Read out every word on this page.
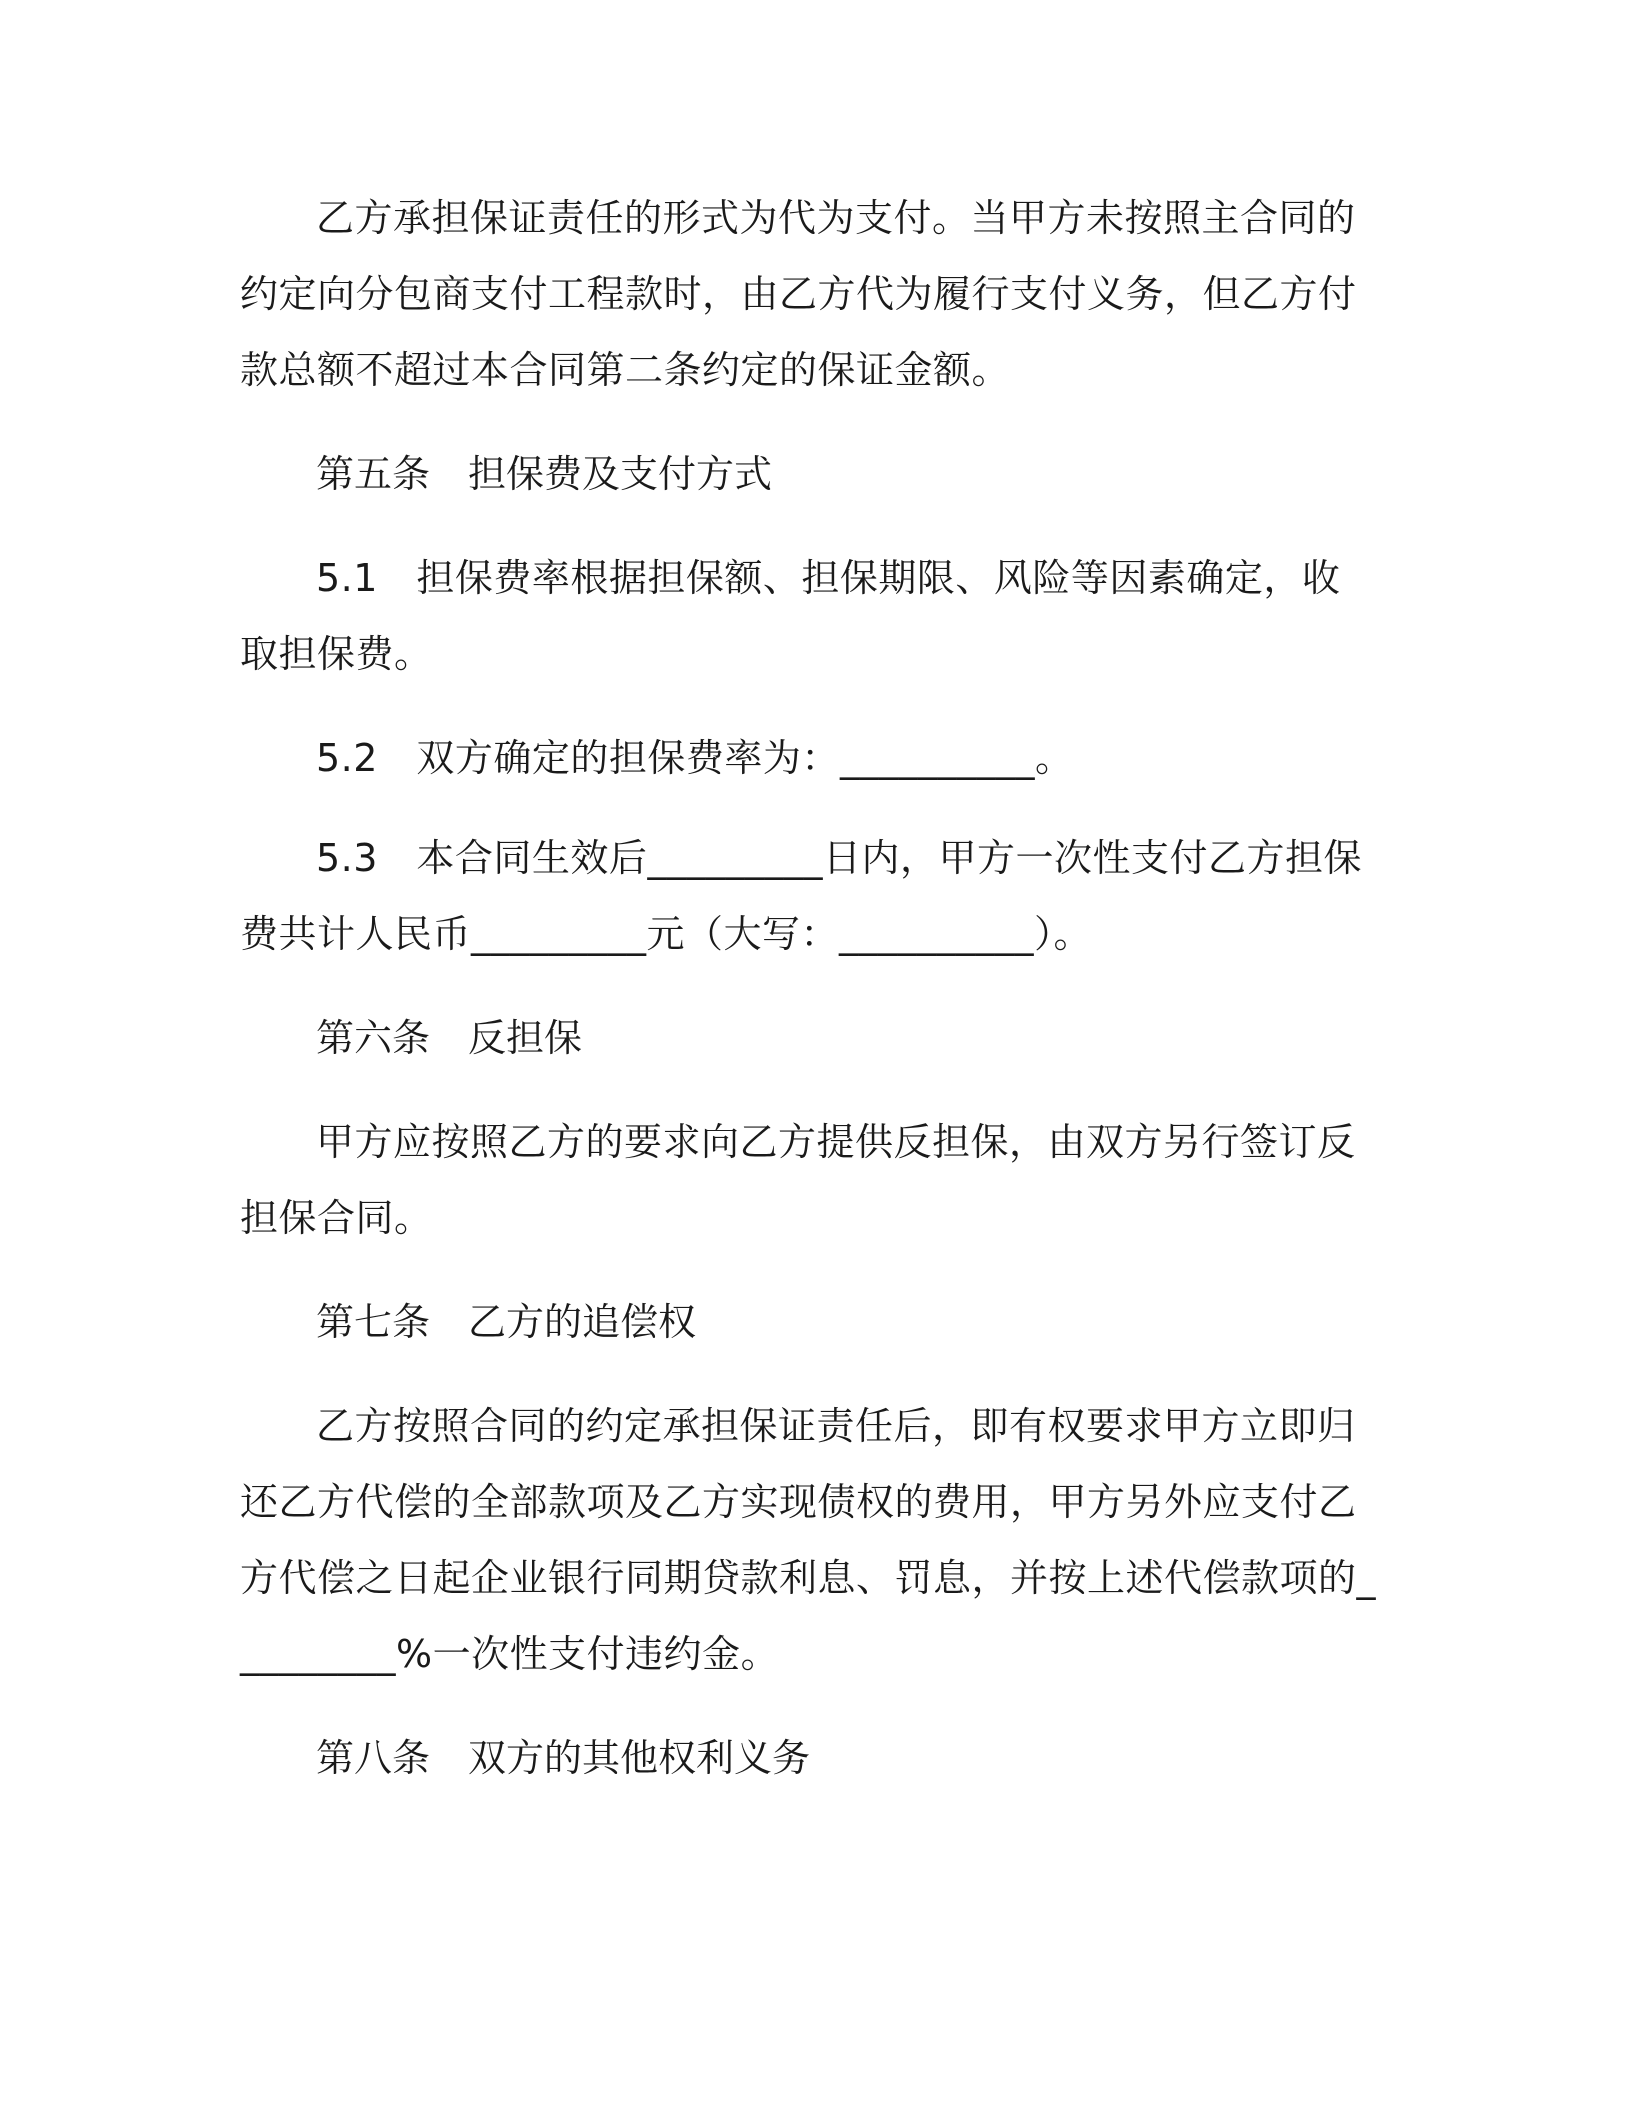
乙方承担保证责任的形式为代为支付。当甲方未按照主合同的约定向分包商支付工程款时，由乙方代为履行支付义务，但乙方付款总额不超过本合同第二条约定的保证金额。

第五条　担保费及支付方式

5.1　担保费率根据担保额、担保期限、风险等因素确定，收取担保费。

5.2　双方确定的担保费率为：__________。

5.3　本合同生效后_________日内，甲方一次性支付乙方担保费共计人民币_________元（大写：__________）。

第六条　反担保

甲方应按照乙方的要求向乙方提供反担保，由双方另行签订反担保合同。

第七条　乙方的追偿权

乙方按照合同的约定承担保证责任后，即有权要求甲方立即归还乙方代偿的全部款项及乙方实现债权的费用，甲方另外应支付乙方代偿之日起企业银行同期贷款利息、罚息，并按上述代偿款项的_________%一次性支付违约金。

第八条　双方的其他权利义务
